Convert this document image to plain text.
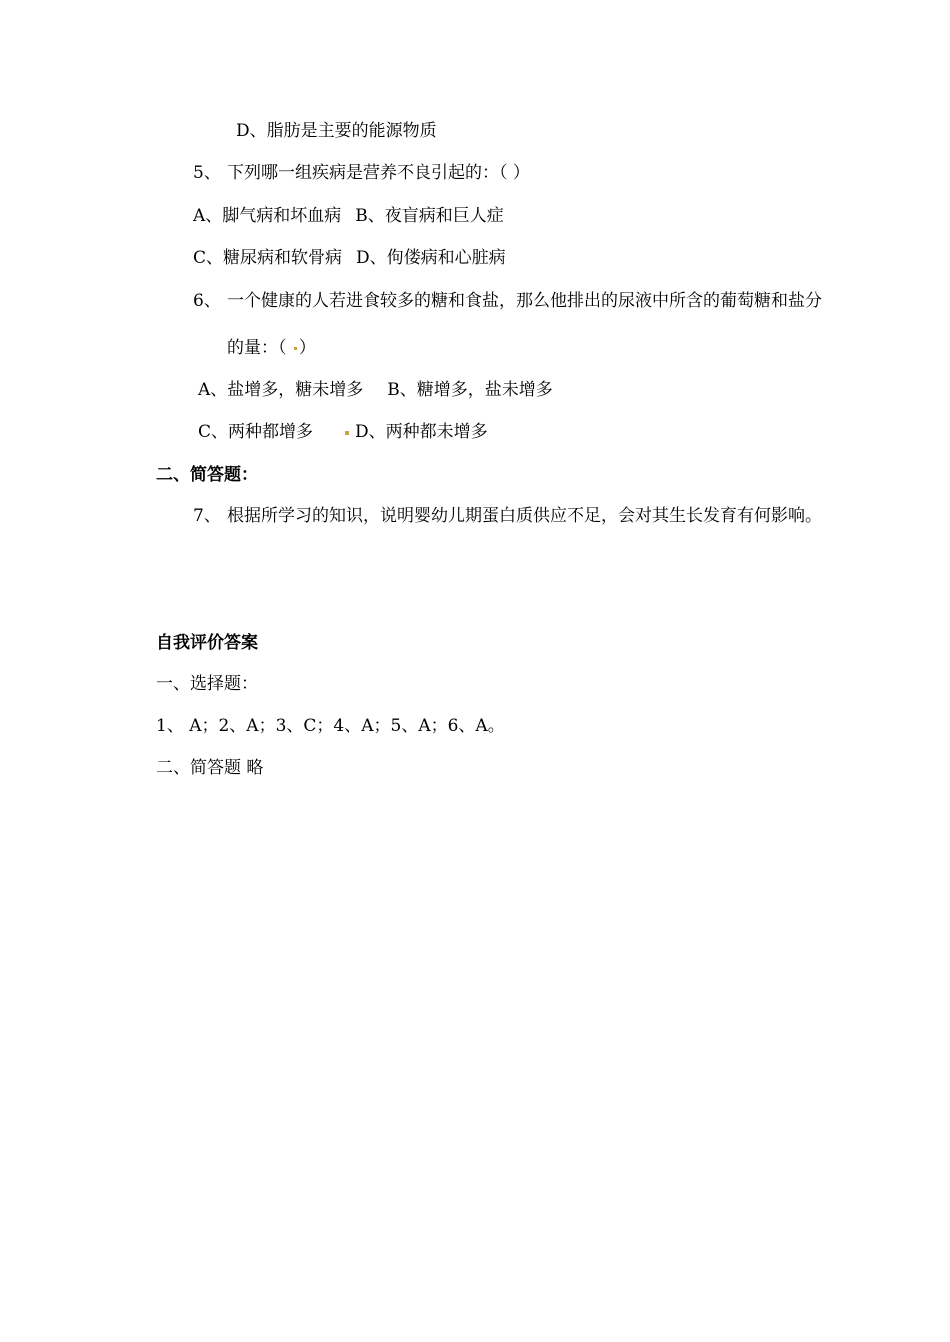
D、脂肪是主要的能源物质
5、 下列哪一组疾病是营养不良引起的：（ ）
A、脚气病和坏血病 B、夜盲病和巨人症
C、糖尿病和软骨病 D、佝偻病和心脏病
6、 一个健康的人若进食较多的糖和食盐，那么他排出的尿液中所含的葡萄糖和盐分
的量：（ ）
A、盐增多，糖未增多 B、糖增多，盐未增多
C、两种都增多 D、两种都未增多
二、简答题：
7、 根据所学习的知识，说明婴幼儿期蛋白质供应不足，会对其生长发育有何影响。
自我评价答案
一、选择题：
1、 A；2、A；3、C；4、A；5、A；6、A。
二、简答题 略
